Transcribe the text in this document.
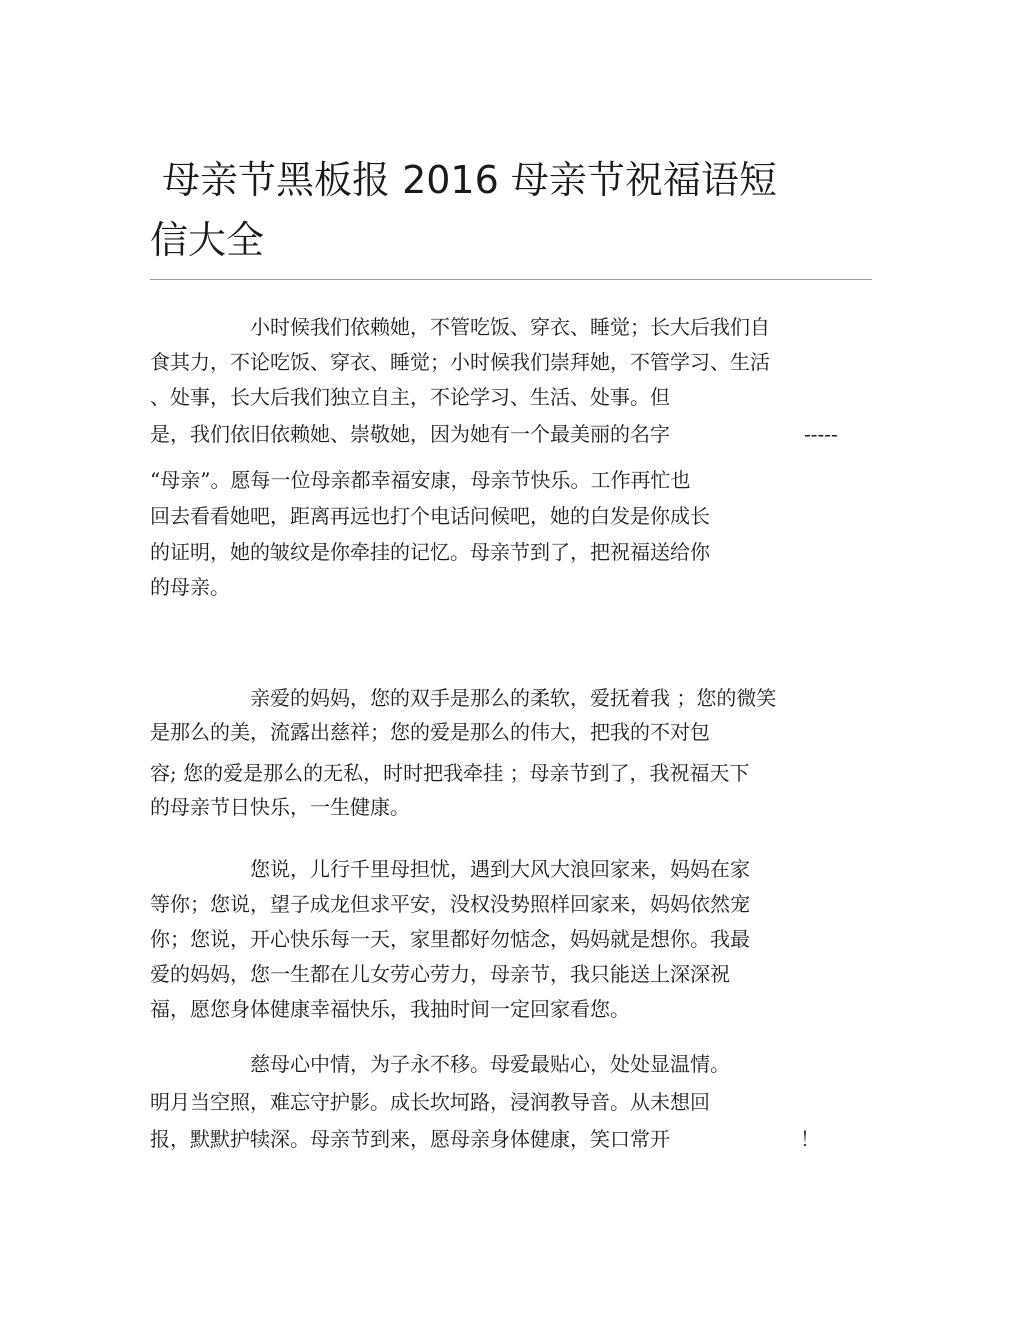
母亲节黑板报 2016 母亲节祝福语短
信大全
小时候我们依赖她，不管吃饭、穿衣、睡觉；长大后我们自
食其力，不论吃饭、穿衣、睡觉；小时候我们崇拜她，不管学习、生活
、处事，长大后我们独立自主，不论学习、生活、处事。但
是，我们依旧依赖她、崇敬她，因为她有一个最美丽的名字	-----
“母亲”。愿每一位母亲都幸福安康，母亲节快乐。工作再忙也
回去看看她吧，距离再远也打个电话问候吧，她的白发是你成长
的证明，她的皱纹是你牵挂的记忆。母亲节到了，把祝福送给你
的母亲。
亲爱的妈妈，您的双手是那么的柔软，爱抚着我 ；您的微笑
是那么的美，流露出慈祥；您的爱是那么的伟大，把我的不对包
容; 您的爱是那么的无私，时时把我牵挂 ；母亲节到了，我祝福天下
的母亲节日快乐，一生健康。
您说，儿行千里母担忧，遇到大风大浪回家来，妈妈在家
等你；您说，望子成龙但求平安，没权没势照样回家来，妈妈依然宠
你；您说，开心快乐每一天，家里都好勿惦念，妈妈就是想你。我最
爱的妈妈，您一生都在儿女劳心劳力，母亲节，我只能送上深深祝
福，愿您身体健康幸福快乐，我抽时间一定回家看您。
慈母心中情，为子永不移。母爱最贴心，处处显温情。
明月当空照，难忘守护影。成长坎坷路，浸润教导音。从未想回
报，默默护犊深。母亲节到来，愿母亲身体健康，笑口常开	！
